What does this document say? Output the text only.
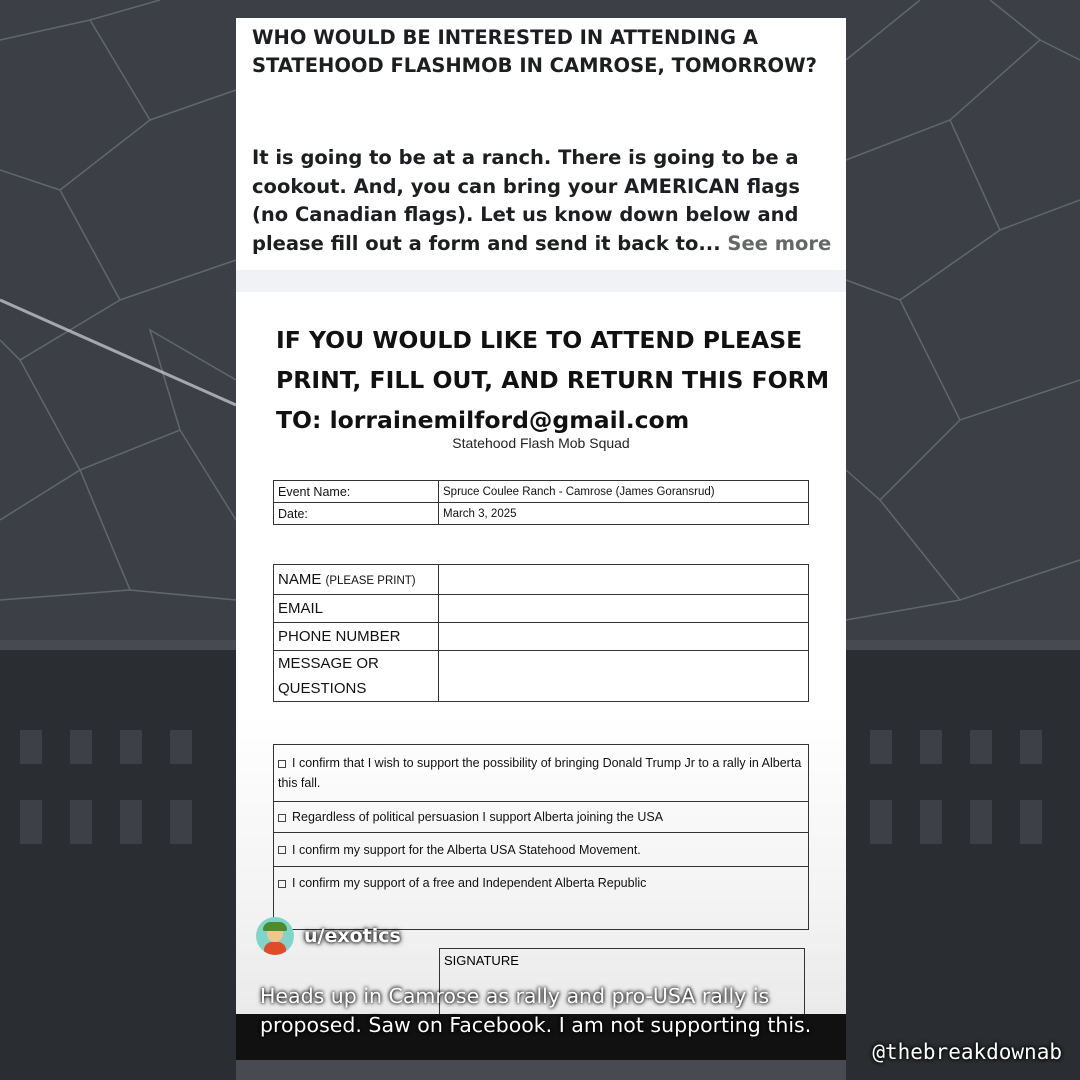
WHO WOULD BE INTERESTED IN ATTENDING A
STATEHOOD FLASHMOB IN CAMROSE, TOMORROW?
It is going to be at a ranch. There is going to be a
cookout. And, you can bring your AMERICAN flags
(no Canadian flags). Let us know down below and
please fill out a form and send it back to... See more
IF YOU WOULD LIKE TO ATTEND PLEASE
PRINT, FILL OUT, AND RETURN THIS FORM
TO: lorrainemilford@gmail.com
Statehood Flash Mob Squad
Event Name:	Spruce Coulee Ranch - Camrose (James Goransrud)
Date:	March 3, 2025
NAME (PLEASE PRINT)	
EMAIL	
PHONE NUMBER	

MESSAGE OR
QUESTIONS	

I confirm that I wish to support the possibility of bringing Donald Trump Jr to a rally in Alberta this fall.
Regardless of political persuasion I support Alberta joining the USA
I confirm my support for the Alberta USA Statehood Movement.
I confirm my support of a free and Independent Alberta Republic
SIGNATURE
u/exotics
Heads up in Camrose as rally and pro-USA rally is proposed. Saw on Facebook. I am not supporting this.
@thebreakdownab
